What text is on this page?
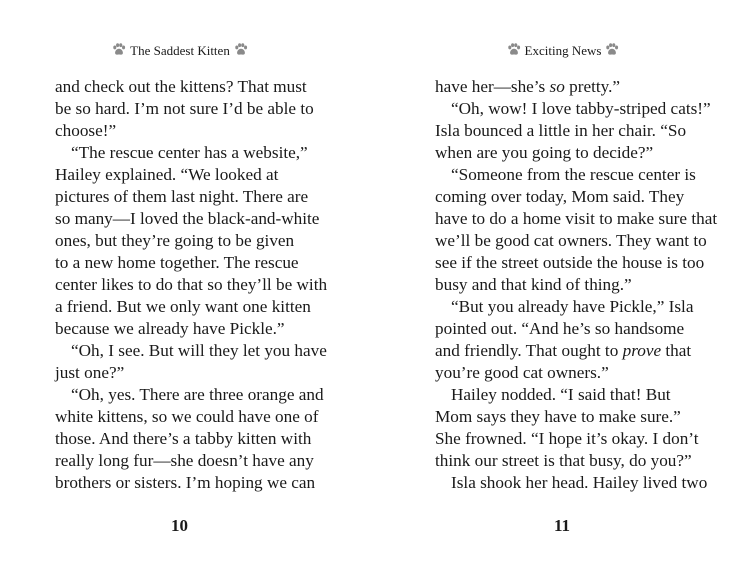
The Saddest Kitten
and check out the kittens? That must
be so hard. I’m not sure I’d be able to
choose!”
“The rescue center has a website,”
Hailey explained. “We looked at
pictures of them last night. There are
so many—I loved the black-and-white
ones, but they’re going to be given
to a new home together. The rescue
center likes to do that so they’ll be with
a friend. But we only want one kitten
because we already have Pickle.”
“Oh, I see. But will they let you have
just one?”
“Oh, yes. There are three orange and
white kittens, so we could have one of
those. And there’s a tabby kitten with
really long fur—she doesn’t have any
brothers or sisters. I’m hoping we can
10
Exciting News
have her—she’s so pretty.”
“Oh, wow! I love tabby-striped cats!”
Isla bounced a little in her chair. “So
when are you going to decide?”
“Someone from the rescue center is
coming over today, Mom said. They
have to do a home visit to make sure that
we’ll be good cat owners. They want to
see if the street outside the house is too
busy and that kind of thing.”
“But you already have Pickle,” Isla
pointed out. “And he’s so handsome
and friendly. That ought to prove that
you’re good cat owners.”
Hailey nodded. “I said that! But
Mom says they have to make sure.”
She frowned. “I hope it’s okay. I don’t
think our street is that busy, do you?”
Isla shook her head. Hailey lived two
11
